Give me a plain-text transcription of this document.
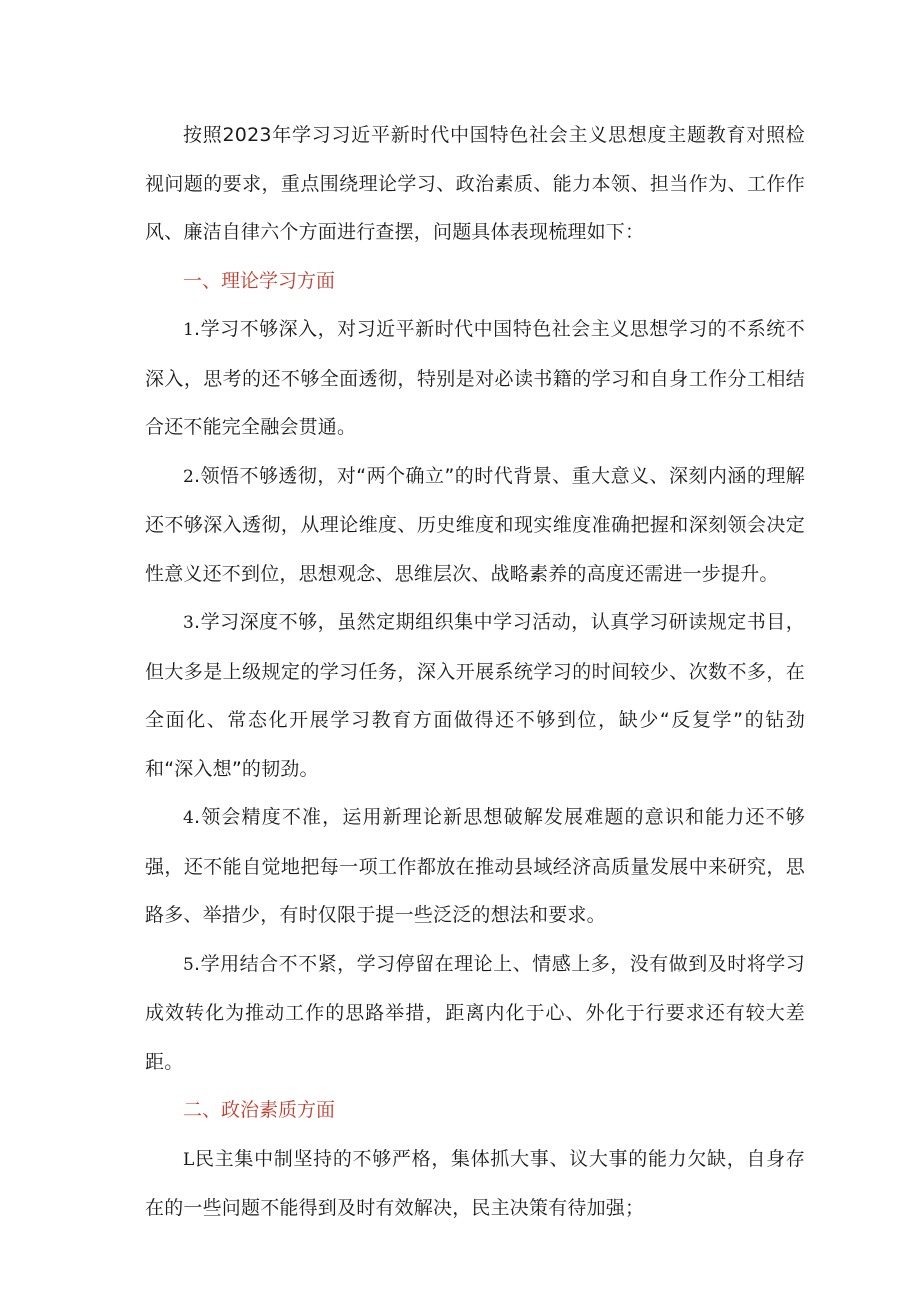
按照2023年学习习近平新时代中国特色社会主义思想度主题教育对照检视问题的要求，重点围绕理论学习、政治素质、能力本领、担当作为、工作作风、廉洁自律六个方面进行查摆，问题具体表现梳理如下：

一、理论学习方面

1.学习不够深入，对习近平新时代中国特色社会主义思想学习的不系统不深入，思考的还不够全面透彻，特别是对必读书籍的学习和自身工作分工相结合还不能完全融会贯通。

2.领悟不够透彻，对“两个确立”的时代背景、重大意义、深刻内涵的理解还不够深入透彻，从理论维度、历史维度和现实维度准确把握和深刻领会决定性意义还不到位，思想观念、思维层次、战略素养的高度还需进一步提升。

3.学习深度不够，虽然定期组织集中学习活动，认真学习研读规定书目，但大多是上级规定的学习任务，深入开展系统学习的时间较少、次数不多，在全面化、常态化开展学习教育方面做得还不够到位，缺少“反复学”的钻劲和“深入想”的韧劲。

4.领会精度不准，运用新理论新思想破解发展难题的意识和能力还不够强，还不能自觉地把每一项工作都放在推动县域经济高质量发展中来研究，思路多、举措少，有时仅限于提一些泛泛的想法和要求。

5.学用结合不不紧，学习停留在理论上、情感上多，没有做到及时将学习成效转化为推动工作的思路举措，距离内化于心、外化于行要求还有较大差距。

二、政治素质方面

L民主集中制坚持的不够严格，集体抓大事、议大事的能力欠缺，自身存在的一些问题不能得到及时有效解决，民主决策有待加强；
